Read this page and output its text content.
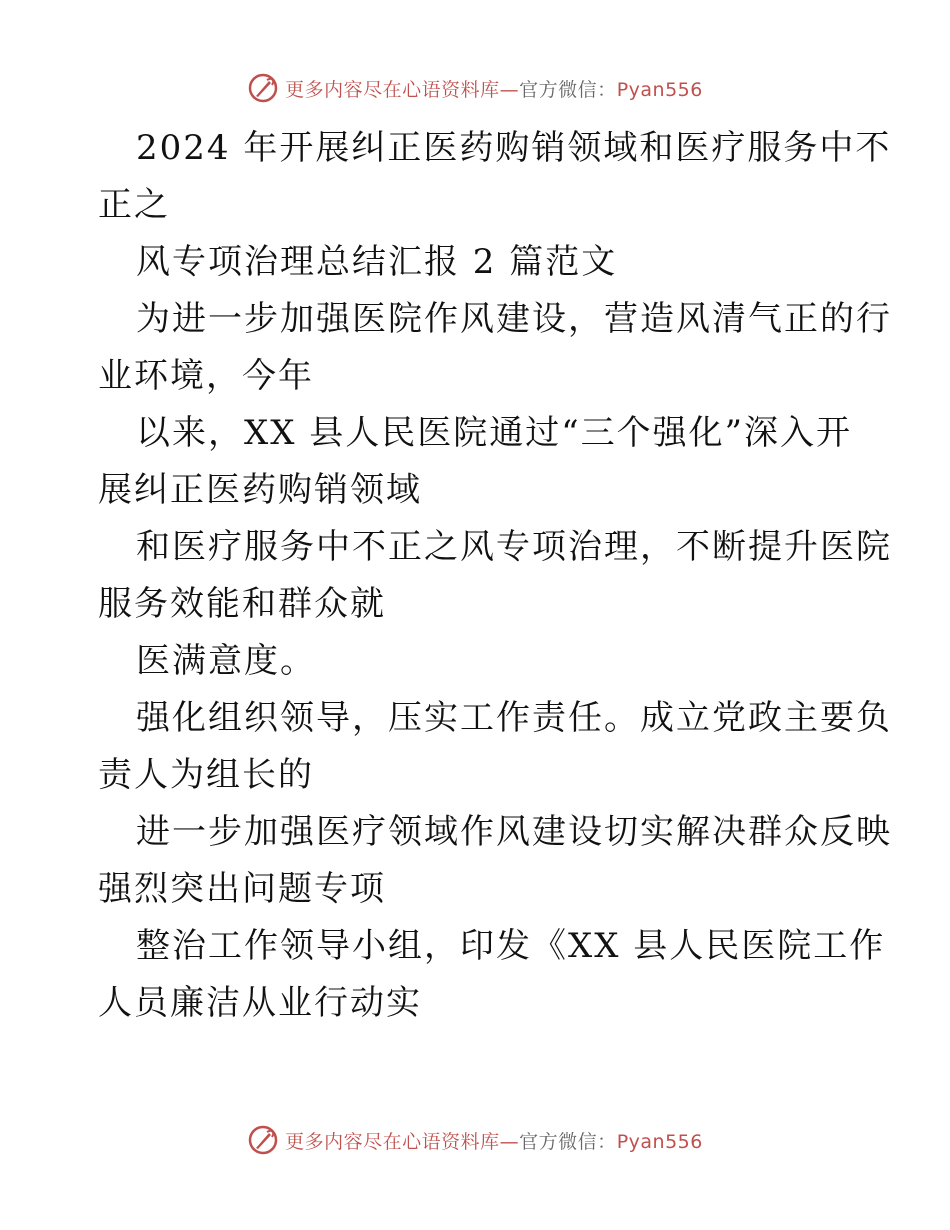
更多内容尽在心语资料库—官方微信：Pyan556

2024 年开展纠正医药购销领域和医疗服务中不
正之

风专项治理总结汇报 2 篇范文

为进一步加强医院作风建设，营造风清气正的行
业环境，今年

以来，XX 县人民医院通过“三个强化”深入开
展纠正医药购销领域

和医疗服务中不正之风专项治理，不断提升医院
服务效能和群众就

医满意度。

强化组织领导，压实工作责任。成立党政主要负
责人为组长的

进一步加强医疗领域作风建设切实解决群众反映
强烈突出问题专项

整治工作领导小组，印发《XX 县人民医院工作
人员廉洁从业行动实

更多内容尽在心语资料库—官方微信：Pyan556
